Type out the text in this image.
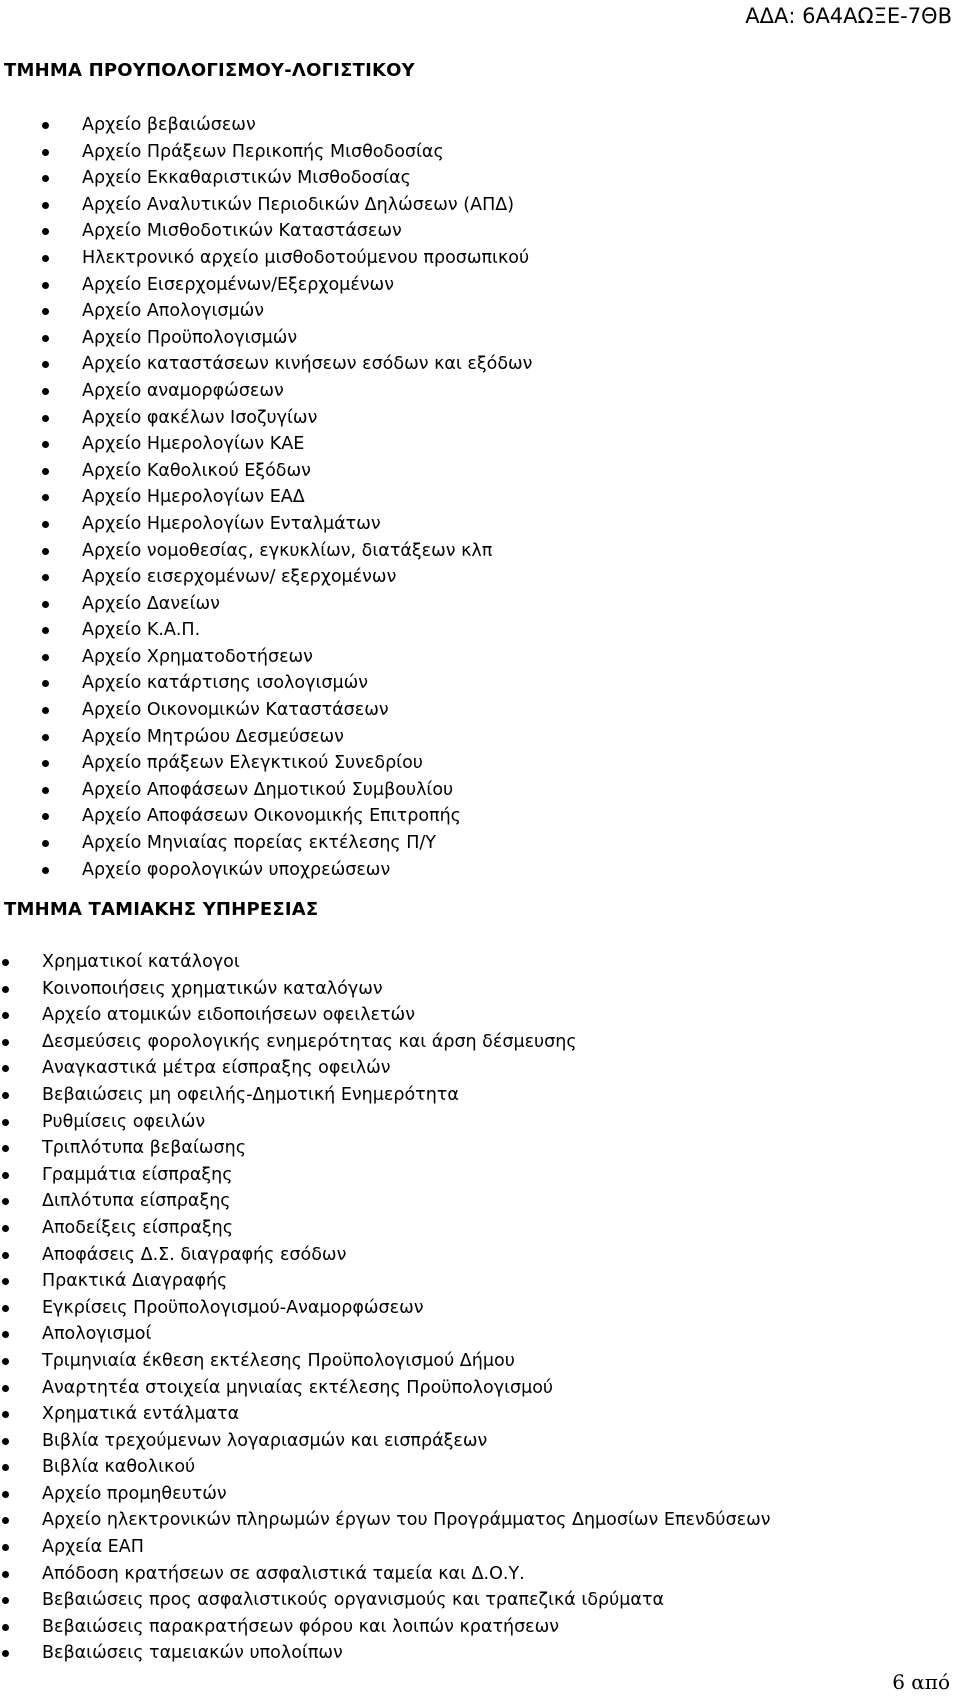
ΑΔΑ: 6Α4ΑΩΞΕ-7ΘΒ
ΤΜΗΜΑ ΠΡΟΥΠΟΛΟΓΙΣΜΟΥ-ΛΟΓΙΣΤΙΚΟΥ
Αρχείο βεβαιώσεων
Αρχείο Πράξεων Περικοπής Μισθοδοσίας
Αρχείο Εκκαθαριστικών Μισθοδοσίας
Αρχείο Αναλυτικών Περιοδικών Δηλώσεων (ΑΠΔ)
Αρχείο Μισθοδοτικών Καταστάσεων
Ηλεκτρονικό αρχείο μισθοδοτούμενου προσωπικού
Αρχείο Εισερχομένων/Εξερχομένων
Αρχείο Απολογισμών
Αρχείο Προϋπολογισμών
Αρχείο καταστάσεων κινήσεων εσόδων και εξόδων
Αρχείο αναμορφώσεων
Αρχείο φακέλων Ισοζυγίων
Αρχείο Ημερολογίων ΚΑΕ
Αρχείο Καθολικού Εξόδων
Αρχείο Ημερολογίων ΕΑΔ
Αρχείο Ημερολογίων Ενταλμάτων
Αρχείο νομοθεσίας, εγκυκλίων, διατάξεων κλπ
Αρχείο εισερχομένων/ εξερχομένων
Αρχείο Δανείων
Αρχείο Κ.Α.Π.
Αρχείο Χρηματοδοτήσεων
Αρχείο κατάρτισης ισολογισμών
Αρχείο Οικονομικών Καταστάσεων
Αρχείο Μητρώου Δεσμεύσεων
Αρχείο πράξεων Ελεγκτικού Συνεδρίου
Αρχείο Αποφάσεων Δημοτικού Συμβουλίου
Αρχείο Αποφάσεων Οικονομικής Επιτροπής
Αρχείο Μηνιαίας πορείας εκτέλεσης Π/Υ
Αρχείο φορολογικών υποχρεώσεων
ΤΜΗΜΑ ΤΑΜΙΑΚΗΣ ΥΠΗΡΕΣΙΑΣ
Χρηματικοί κατάλογοι
Κοινοποιήσεις χρηματικών καταλόγων
Αρχείο ατομικών ειδοποιήσεων οφειλετών
Δεσμεύσεις φορολογικής ενημερότητας και άρση δέσμευσης
Αναγκαστικά μέτρα είσπραξης οφειλών
Βεβαιώσεις μη οφειλής-Δημοτική Ενημερότητα
Ρυθμίσεις οφειλών
Τριπλότυπα βεβαίωσης
Γραμμάτια είσπραξης
Διπλότυπα είσπραξης
Αποδείξεις είσπραξης
Αποφάσεις Δ.Σ. διαγραφής εσόδων
Πρακτικά Διαγραφής
Εγκρίσεις Προϋπολογισμού-Αναμορφώσεων
Απολογισμοί
Τριμηνιαία έκθεση εκτέλεσης Προϋπολογισμού Δήμου
Αναρτητέα στοιχεία μηνιαίας εκτέλεσης Προϋπολογισμού
Χρηματικά εντάλματα
Βιβλία τρεχούμενων λογαριασμών και εισπράξεων
Βιβλία καθολικού
Αρχείο προμηθευτών
Αρχείο ηλεκτρονικών πληρωμών έργων του Προγράμματος Δημοσίων Επενδύσεων
Αρχεία ΕΑΠ
Απόδοση κρατήσεων σε ασφαλιστικά ταμεία και Δ.Ο.Υ.
Βεβαιώσεις προς ασφαλιστικούς οργανισμούς και τραπεζικά ιδρύματα
Βεβαιώσεις παρακρατήσεων φόρου και λοιπών κρατήσεων
Βεβαιώσεις ταμειακών υπολοίπων
6 από
